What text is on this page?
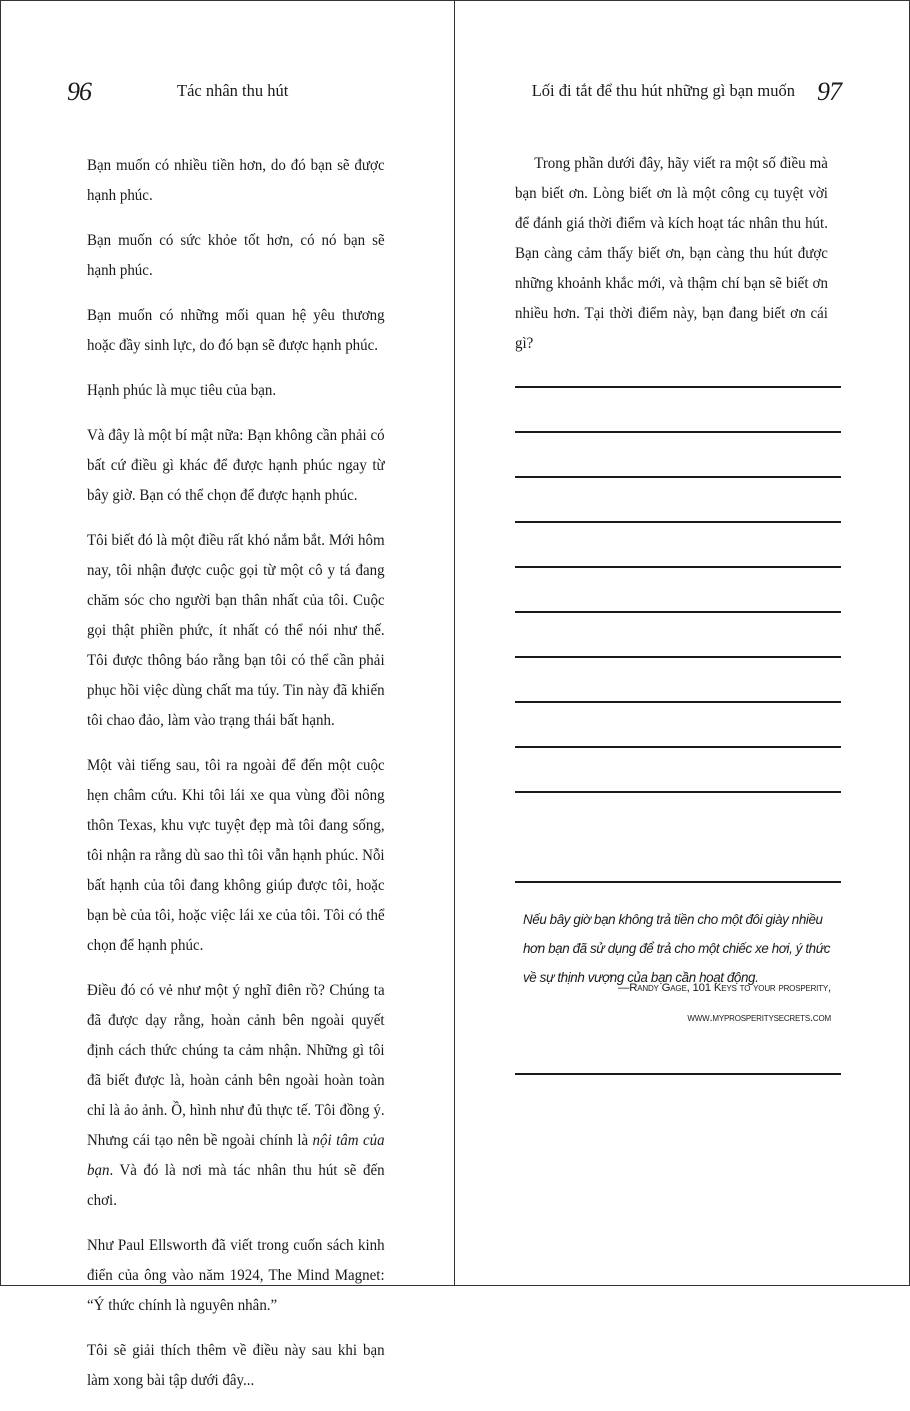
96	Tác nhân thu hút

Bạn muốn có nhiều tiền hơn, do đó bạn sẽ được hạnh phúc.

Bạn muốn có sức khỏe tốt hơn, có nó bạn sẽ hạnh phúc.

Bạn muốn có những mối quan hệ yêu thương hoặc đầy sinh lực, do đó bạn sẽ được hạnh phúc.

Hạnh phúc là mục tiêu của bạn.

Và đây là một bí mật nữa: Bạn không cần phải có bất cứ điều gì khác để được hạnh phúc ngay từ bây giờ. Bạn có thể chọn để được hạnh phúc.

Tôi biết đó là một điều rất khó nắm bắt. Mới hôm nay, tôi nhận được cuộc gọi từ một cô y tá đang chăm sóc cho người bạn thân nhất của tôi. Cuộc gọi thật phiền phức, ít nhất có thể nói như thế. Tôi được thông báo rằng bạn tôi có thể cần phải phục hồi việc dùng chất ma túy. Tin này đã khiến tôi chao đảo, làm vào trạng thái bất hạnh.

Một vài tiếng sau, tôi ra ngoài để đến một cuộc hẹn châm cứu. Khi tôi lái xe qua vùng đồi nông thôn Texas, khu vực tuyệt đẹp mà tôi đang sống, tôi nhận ra rằng dù sao thì tôi vẫn hạnh phúc. Nỗi bất hạnh của tôi đang không giúp được tôi, hoặc bạn bè của tôi, hoặc việc lái xe của tôi. Tôi có thể chọn để hạnh phúc.

Điều đó có vẻ như một ý nghĩ điên rồ? Chúng ta đã được dạy rằng, hoàn cảnh bên ngoài quyết định cách thức chúng ta cảm nhận. Những gì tôi đã biết được là, hoàn cảnh bên ngoài hoàn toàn chỉ là ảo ảnh. Ồ, hình như đủ thực tế. Tôi đồng ý. Nhưng cái tạo nên bề ngoài chính là nội tâm của bạn. Và đó là nơi mà tác nhân thu hút sẽ đến chơi.

Như Paul Ellsworth đã viết trong cuốn sách kinh điển của ông vào năm 1924, The Mind Magnet: “Ý thức chính là nguyên nhân.”

Tôi sẽ giải thích thêm về điều này sau khi bạn làm xong bài tập dưới đây...

97
Lối đi tắt để thu hút những gì bạn muốn

Trong phần dưới đây, hãy viết ra một số điều mà bạn biết ơn. Lòng biết ơn là một công cụ tuyệt vời để đánh giá thời điểm và kích hoạt tác nhân thu hút. Bạn càng cảm thấy biết ơn, bạn càng thu hút được những khoảnh khắc mới, và thậm chí bạn sẽ biết ơn nhiều hơn. Tại thời điểm này, bạn đang biết ơn cái gì?

Nếu bây giờ bạn không trả tiền cho một đôi giày nhiều hơn bạn đã sử dụng để trả cho một chiếc xe hơi, ý thức về sự thịnh vượng của bạn cần hoạt động.

—Randy Gage, 101 Keys to your prosperity,
www.myprosperitysecrets.com
